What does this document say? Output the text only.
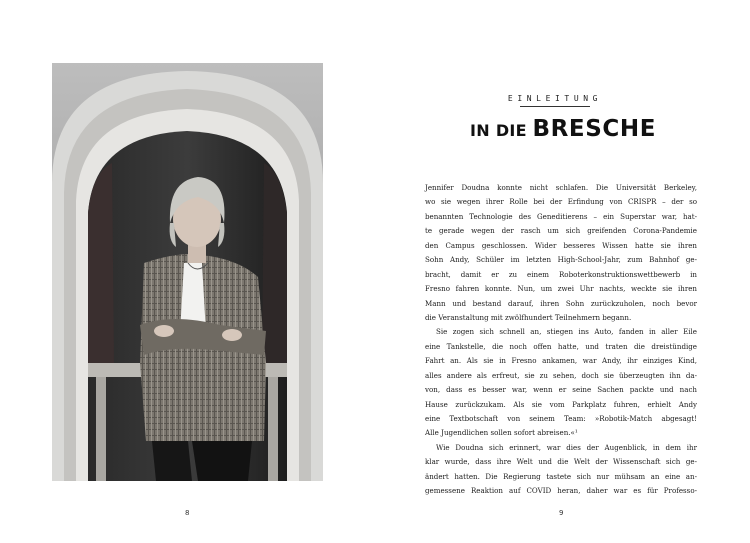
8
EINLEITUNG
IN DIE BRESCHE
Jennifer Doudna konnte nicht schlafen. Die Universität Berkeley,
wo sie wegen ihrer Rolle bei der Erfindung von CRISPR – der so
benannten Technologie des Geneditierens – ein Superstar war, hat-
te gerade wegen der rasch um sich greifenden Corona-Pandemie
den Campus geschlossen. Wider besseres Wissen hatte sie ihren
Sohn Andy, Schüler im letzten High-School-Jahr, zum Bahnhof ge-
bracht, damit er zu einem Roboterkonstruktionswettbewerb in
Fresno fahren konnte. Nun, um zwei Uhr nachts, weckte sie ihren
Mann und bestand darauf, ihren Sohn zurückzuholen, noch bevor
die Veranstaltung mit zwölfhundert Teilnehmern begann.
Sie zogen sich schnell an, stiegen ins Auto, fanden in aller Eile
eine Tankstelle, die noch offen hatte, und traten die dreistündige
Fahrt an. Als sie in Fresno ankamen, war Andy, ihr einziges Kind,
alles andere als erfreut, sie zu sehen, doch sie überzeugten ihn da-
von, dass es besser war, wenn er seine Sachen packte und nach
Hause zurückzukam. Als sie vom Parkplatz fuhren, erhielt Andy
eine Textbotschaft von seinem Team: »Robotik-Match abgesagt!
Alle Jugendlichen sollen sofort abreisen.«¹
Wie Doudna sich erinnert, war dies der Augenblick, in dem ihr
klar wurde, dass ihre Welt und die Welt der Wissenschaft sich ge-
ändert hatten. Die Regierung tastete sich nur mühsam an eine an-
gemessene Reaktion auf COVID heran, daher war es für Professo-
9
